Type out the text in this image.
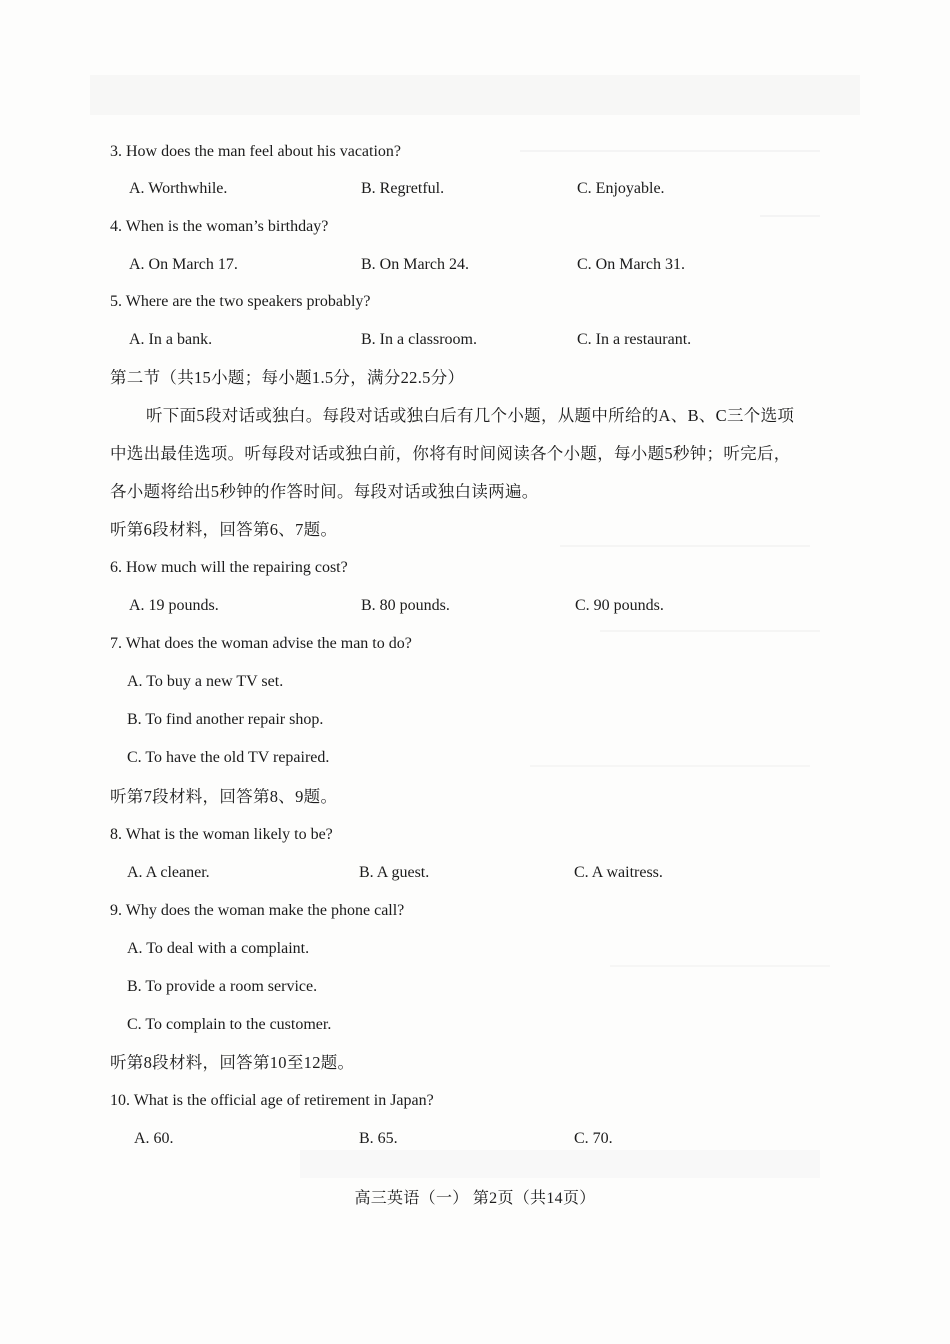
3. How does the man feel about his vacation?
A. Worthwhile.	B. Regretful.	C. Enjoyable.
4. When is the woman’s birthday?
A. On March 17.	B. On March 24.	C. On March 31.
5. Where are the two speakers probably?
A. In a bank.	B. In a classroom.	C. In a restaurant.
第二节（共15小题；每小题1.5分，满分22.5分）
听下面5段对话或独白。每段对话或独白后有几个小题，从题中所给的A、B、C三个选项
中选出最佳选项。听每段对话或独白前，你将有时间阅读各个小题，每小题5秒钟；听完后，
各小题将给出5秒钟的作答时间。每段对话或独白读两遍。
听第6段材料，回答第6、7题。
6. How much will the repairing cost?
A. 19 pounds.	B. 80 pounds.	C. 90 pounds.
7. What does the woman advise the man to do?
A. To buy a new TV set.
B. To find another repair shop.
C. To have the old TV repaired.
听第7段材料，回答第8、9题。
8. What is the woman likely to be?
A. A cleaner.	B. A guest.	C. A waitress.
9. Why does the woman make the phone call?
A. To deal with a complaint.
B. To provide a room service.
C. To complain to the customer.
听第8段材料，回答第10至12题。
10. What is the official age of retirement in Japan?
A. 60.	B. 65.	C. 70.
高三英语（一） 第2页（共14页）
